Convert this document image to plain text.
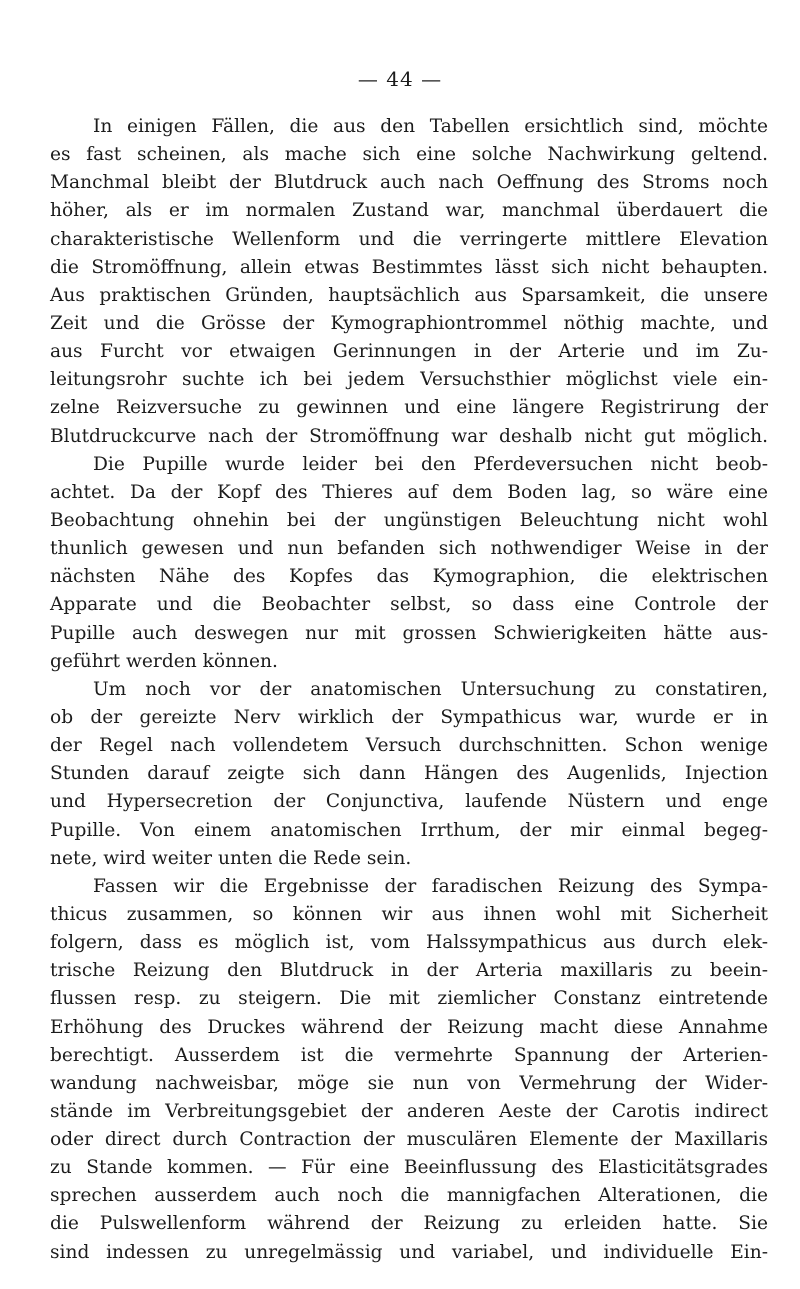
— 44 —
In einigen Fällen, die aus den Tabellen ersichtlich sind, möchte
es fast scheinen, als mache sich eine solche Nachwirkung geltend.
Manchmal bleibt der Blutdruck auch nach Oeffnung des Stroms noch
höher, als er im normalen Zustand war, manchmal überdauert die
charakteristische Wellenform und die verringerte mittlere Elevation
die Stromöffnung, allein etwas Bestimmtes lässt sich nicht behaupten.
Aus praktischen Gründen, hauptsächlich aus Sparsamkeit, die unsere
Zeit und die Grösse der Kymographiontrommel nöthig machte, und
aus Furcht vor etwaigen Gerinnungen in der Arterie und im Zu-
leitungsrohr suchte ich bei jedem Versuchsthier möglichst viele ein-
zelne Reizversuche zu gewinnen und eine längere Registrirung der
Blutdruckcurve nach der Stromöffnung war deshalb nicht gut möglich.
Die Pupille wurde leider bei den Pferdeversuchen nicht beob-
achtet. Da der Kopf des Thieres auf dem Boden lag, so wäre eine
Beobachtung ohnehin bei der ungünstigen Beleuchtung nicht wohl
thunlich gewesen und nun befanden sich nothwendiger Weise in der
nächsten Nähe des Kopfes das Kymographion, die elektrischen
Apparate und die Beobachter selbst, so dass eine Controle der
Pupille auch deswegen nur mit grossen Schwierigkeiten hätte aus-
geführt werden können.
Um noch vor der anatomischen Untersuchung zu constatiren,
ob der gereizte Nerv wirklich der Sympathicus war, wurde er in
der Regel nach vollendetem Versuch durchschnitten. Schon wenige
Stunden darauf zeigte sich dann Hängen des Augenlids, Injection
und Hypersecretion der Conjunctiva, laufende Nüstern und enge
Pupille. Von einem anatomischen Irrthum, der mir einmal begeg-
nete, wird weiter unten die Rede sein.
Fassen wir die Ergebnisse der faradischen Reizung des Sympa-
thicus zusammen, so können wir aus ihnen wohl mit Sicherheit
folgern, dass es möglich ist, vom Halssympathicus aus durch elek-
trische Reizung den Blutdruck in der Arteria maxillaris zu beein-
flussen resp. zu steigern. Die mit ziemlicher Constanz eintretende
Erhöhung des Druckes während der Reizung macht diese Annahme
berechtigt. Ausserdem ist die vermehrte Spannung der Arterien-
wandung nachweisbar, möge sie nun von Vermehrung der Wider-
stände im Verbreitungsgebiet der anderen Aeste der Carotis indirect
oder direct durch Contraction der musculären Elemente der Maxillaris
zu Stande kommen. — Für eine Beeinflussung des Elasticitätsgrades
sprechen ausserdem auch noch die mannigfachen Alterationen, die
die Pulswellenform während der Reizung zu erleiden hatte. Sie
sind indessen zu unregelmässig und variabel, und individuelle Ein-
